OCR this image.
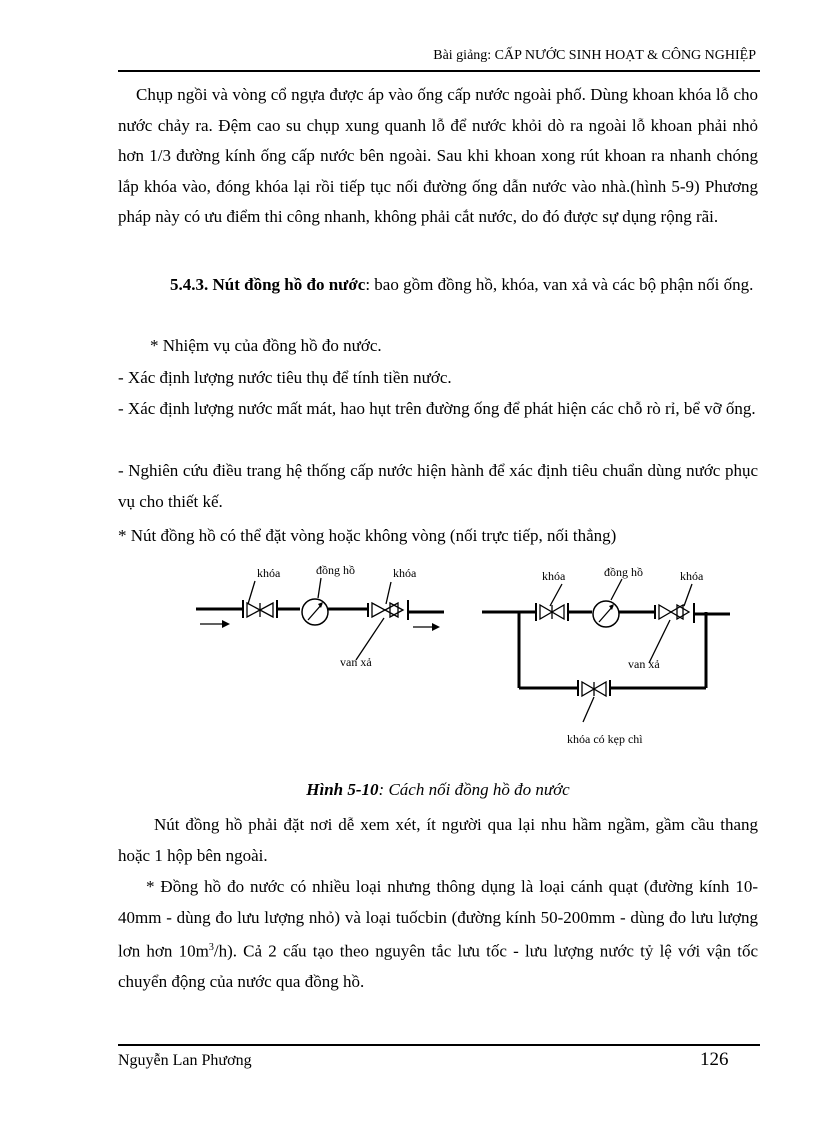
Bài giảng: CẤP NƯỚC SINH HOẠT & CÔNG NGHIỆP

Chụp ngồi và vòng cổ ngựa được áp vào ống cấp nước ngoài phố. Dùng khoan khóa lỗ cho nước chảy ra. Đệm cao su chụp xung quanh lỗ để nước khỏi dò ra ngoài lỗ khoan phải nhỏ hơn 1/3 đường kính ống cấp nước bên ngoài. Sau khi khoan xong rút khoan ra nhanh chóng lắp khóa vào, đóng khóa lại rồi tiếp tục nối đường ống dẫn nước vào nhà.(hình 5-9) Phương pháp này có ưu điểm thi công nhanh, không phải cắt nước, do đó được sự dụng rộng rãi.

5.4.3. Nút đồng hồ đo nước: bao gồm đồng hồ, khóa, van xả và các bộ phận nối ống.

* Nhiệm vụ của đồng hồ đo nước.
- Xác định lượng nước tiêu thụ để tính tiền nước.

- Xác định lượng nước mất mát, hao hụt trên đường ống để phát hiện các chỗ rò rỉ, bể vỡ ống.

- Nghiên cứu điều trang hệ thống cấp nước hiện hành để xác định tiêu chuẩn dùng nước phục vụ cho thiết kế.

* Nút đồng hồ có thể đặt vòng hoặc không vòng (nối trực tiếp, nối thẳng)
khóa	đồng hồ	khóa
van xả
khóa	đồng hồ	khóa
van xả
khóa có kẹp chì
Hình 5-10: Cách nối đồng hồ đo nước

Nút đồng hồ phải đặt nơi dễ xem xét, ít người qua lại nhu hầm ngầm, gầm cầu thang hoặc 1 hộp bên ngoài.

* Đồng hồ đo nước có nhiều loại nhưng thông dụng là loại cánh quạt (đường kính 10-40mm - dùng đo lưu lượng nhỏ) và loại tuốcbin (đường kính 50-200mm - dùng đo lưu lượng lơn hơn $10m^3/h$). Cả 2 cấu tạo theo nguyên tắc lưu tốc - lưu lượng nước tỷ lệ với vận tốc chuyển động của nước qua đồng hồ.

Nguyễn Lan Phương	126
